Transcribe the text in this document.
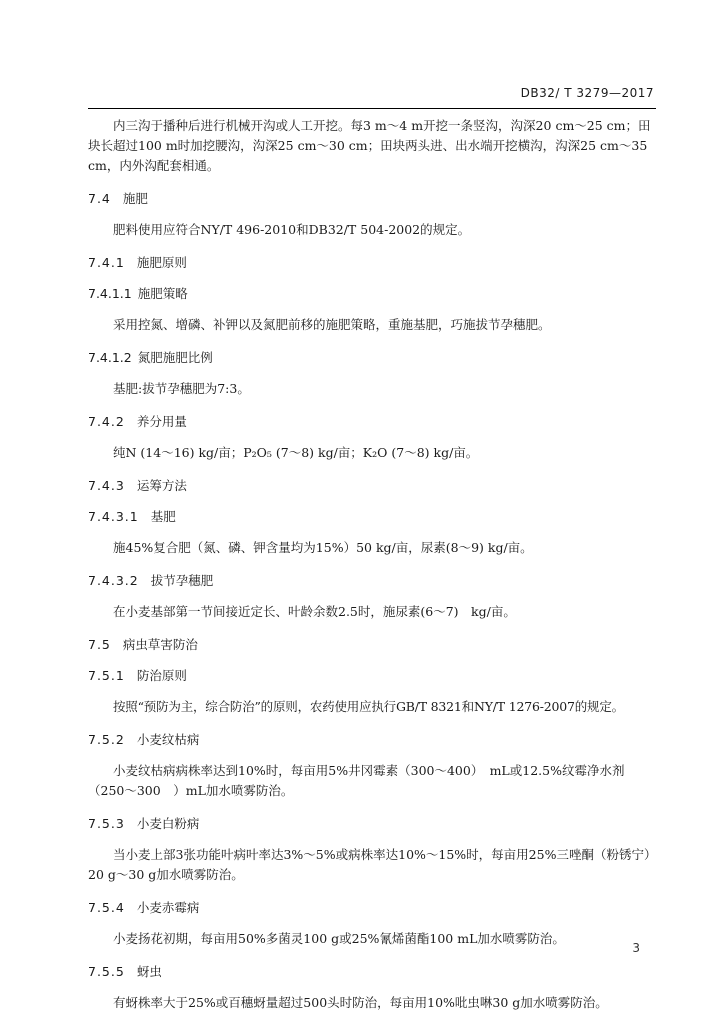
DB32/ T 3279—2017

内三沟于播种后进行机械开沟或人工开挖。每3 m～4 m开挖一条竖沟，沟深20 cm～25 cm；田块长超过100 m时加挖腰沟，沟深25 cm～30 cm；田块两头进、出水端开挖横沟，沟深25 cm～35 cm，内外沟配套相通。

7.4 施肥

肥料使用应符合NY/T 496-2010和DB32/T 504-2002的规定。

7.4.1 施肥原则

7.4.1.1 施肥策略

采用控氮、增磷、补钾以及氮肥前移的施肥策略，重施基肥，巧施拔节孕穗肥。

7.4.1.2 氮肥施肥比例

基肥:拔节孕穗肥为7:3。

7.4.2 养分用量

纯N (14～16) kg/亩；P₂O₅ (7～8) kg/亩；K₂O (7～8) kg/亩。

7.4.3 运筹方法

7.4.3.1 基肥

施45%复合肥（氮、磷、钾含量均为15%）50 kg/亩，尿素(8～9) kg/亩。

7.4.3.2 拔节孕穗肥

在小麦基部第一节间接近定长、叶龄余数2.5时，施尿素(6～7)　kg/亩。

7.5 病虫草害防治

7.5.1 防治原则

按照“预防为主，综合防治”的原则，农药使用应执行GB/T 8321和NY/T 1276-2007的规定。

7.5.2 小麦纹枯病

小麦纹枯病病株率达到10%时，每亩用5%井冈霉素（300～400）　mL或12.5%纹霉净水剂（250～300　）mL加水喷雾防治。

7.5.3 小麦白粉病

当小麦上部3张功能叶病叶率达3%～5%或病株率达10%～15%时，每亩用25%三唑酮（粉锈宁）20 g～30 g加水喷雾防治。

7.5.4 小麦赤霉病

小麦扬花初期，每亩用50%多菌灵100 g或25%氰烯菌酯100 mL加水喷雾防治。

7.5.5 蚜虫

有蚜株率大于25%或百穗蚜量超过500头时防治，每亩用10%吡虫啉30 g加水喷雾防治。

3
